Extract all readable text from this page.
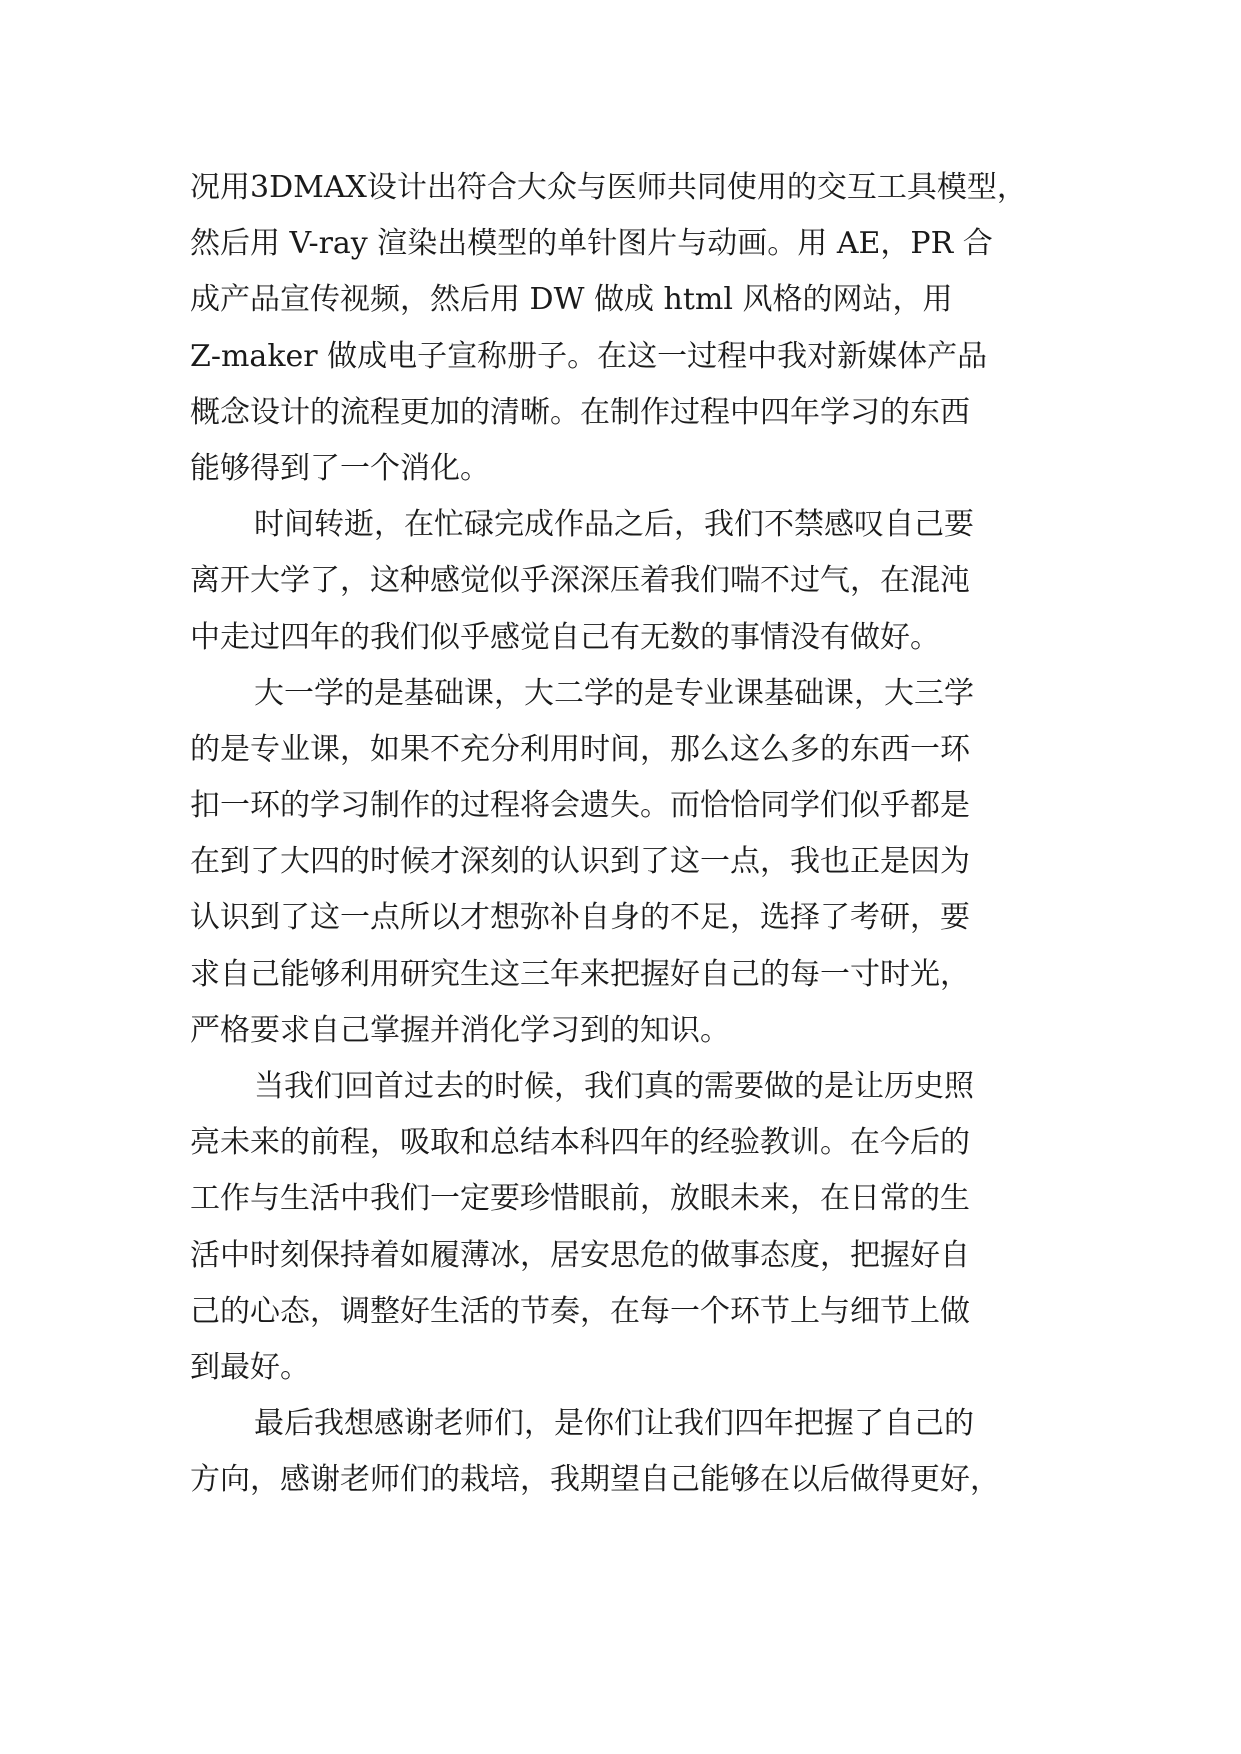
况用3DMAX设计出符合大众与医师共同使用的交互工具模型，
然后用 V-ray 渲染出模型的单针图片与动画。用 AE，PR 合
成产品宣传视频，然后用 DW 做成 html 风格的网站，用
Z-maker 做成电子宣称册子。在这一过程中我对新媒体产品
概念设计的流程更加的清晰。在制作过程中四年学习的东西
能够得到了一个消化。
时间转逝，在忙碌完成作品之后，我们不禁感叹自己要
离开大学了，这种感觉似乎深深压着我们喘不过气，在混沌
中走过四年的我们似乎感觉自己有无数的事情没有做好。
大一学的是基础课，大二学的是专业课基础课，大三学
的是专业课，如果不充分利用时间，那么这么多的东西一环
扣一环的学习制作的过程将会遗失。而恰恰同学们似乎都是
在到了大四的时候才深刻的认识到了这一点，我也正是因为
认识到了这一点所以才想弥补自身的不足，选择了考研，要
求自己能够利用研究生这三年来把握好自己的每一寸时光，
严格要求自己掌握并消化学习到的知识。
当我们回首过去的时候，我们真的需要做的是让历史照
亮未来的前程，吸取和总结本科四年的经验教训。在今后的
工作与生活中我们一定要珍惜眼前，放眼未来，在日常的生
活中时刻保持着如履薄冰，居安思危的做事态度，把握好自
己的心态，调整好生活的节奏，在每一个环节上与细节上做
到最好。
最后我想感谢老师们，是你们让我们四年把握了自己的
方向，感谢老师们的栽培，我期望自己能够在以后做得更好，
